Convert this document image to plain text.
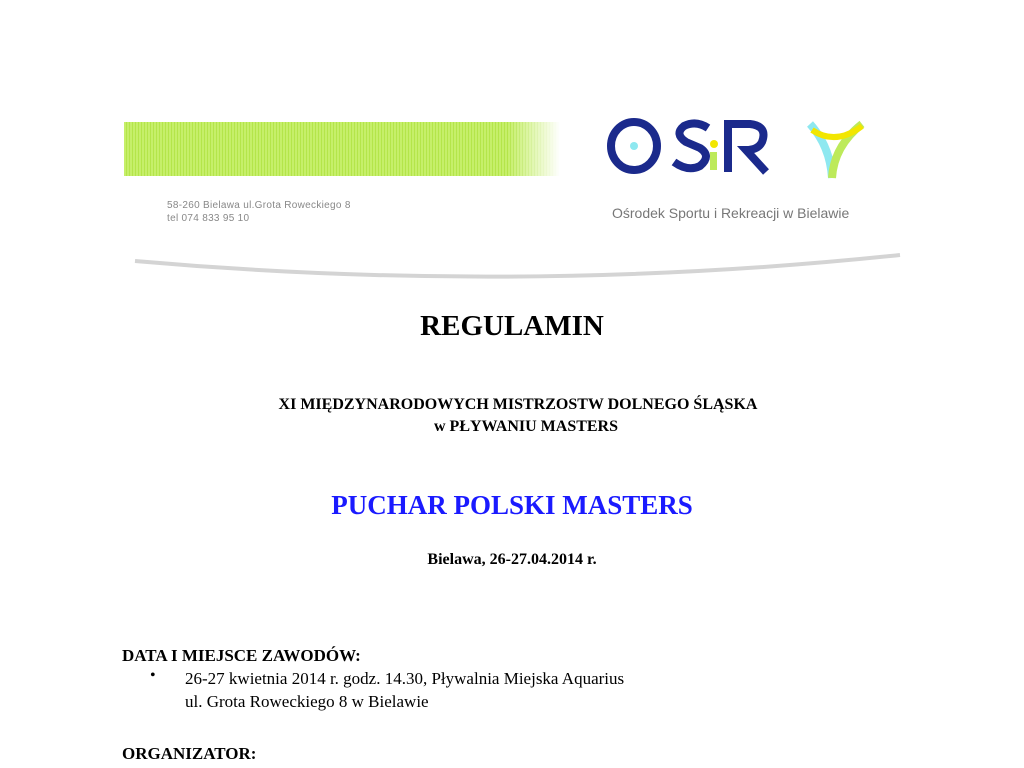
58-260 Bielawa ul.Grota Roweckiego 8
tel 074 833 95 10	Ośrodek Sportu i Rekreacji w Bielawie
REGULAMIN
XI MIĘDZYNARODOWYCH MISTRZOSTW DOLNEGO ŚLĄSKA
w PŁYWANIU MASTERS
PUCHAR POLSKI MASTERS
Bielawa, 26-27.04.2014 r.
DATA I MIEJSCE ZAWODÓW:
• 26-27 kwietnia 2014 r. godz. 14.30, Pływalnia Miejska Aquarius
ul. Grota Roweckiego 8 w Bielawie
ORGANIZATOR:
